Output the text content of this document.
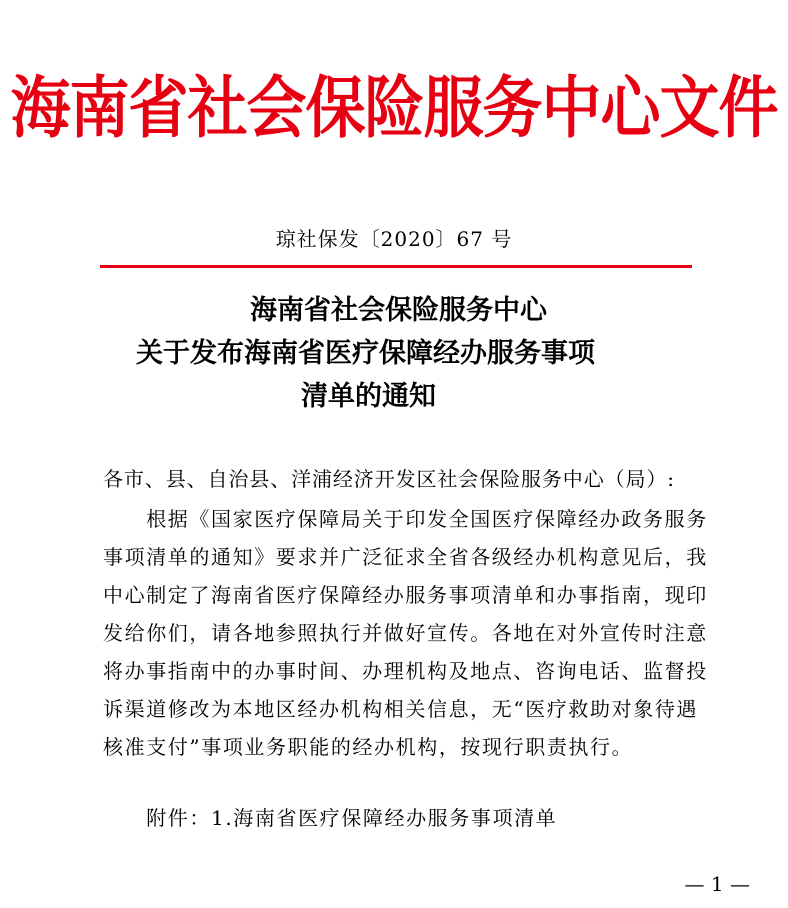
海南省社会保险服务中心文件
琼社保发〔2020〕67 号
海南省社会保险服务中心
关于发布海南省医疗保障经办服务事项
清单的通知
各市、县、自治县、洋浦经济开发区社会保险服务中心（局）:
　　根据《国家医疗保障局关于印发全国医疗保障经办政务服务
事项清单的通知》要求并广泛征求全省各级经办机构意见后，我
中心制定了海南省医疗保障经办服务事项清单和办事指南，现印
发给你们，请各地参照执行并做好宣传。各地在对外宣传时注意
将办事指南中的办事时间、办理机构及地点、咨询电话、监督投
诉渠道修改为本地区经办机构相关信息，无“医疗救助对象待遇
核准支付”事项业务职能的经办机构，按现行职责执行。
　　附件：1.海南省医疗保障经办服务事项清单
— 1 —
